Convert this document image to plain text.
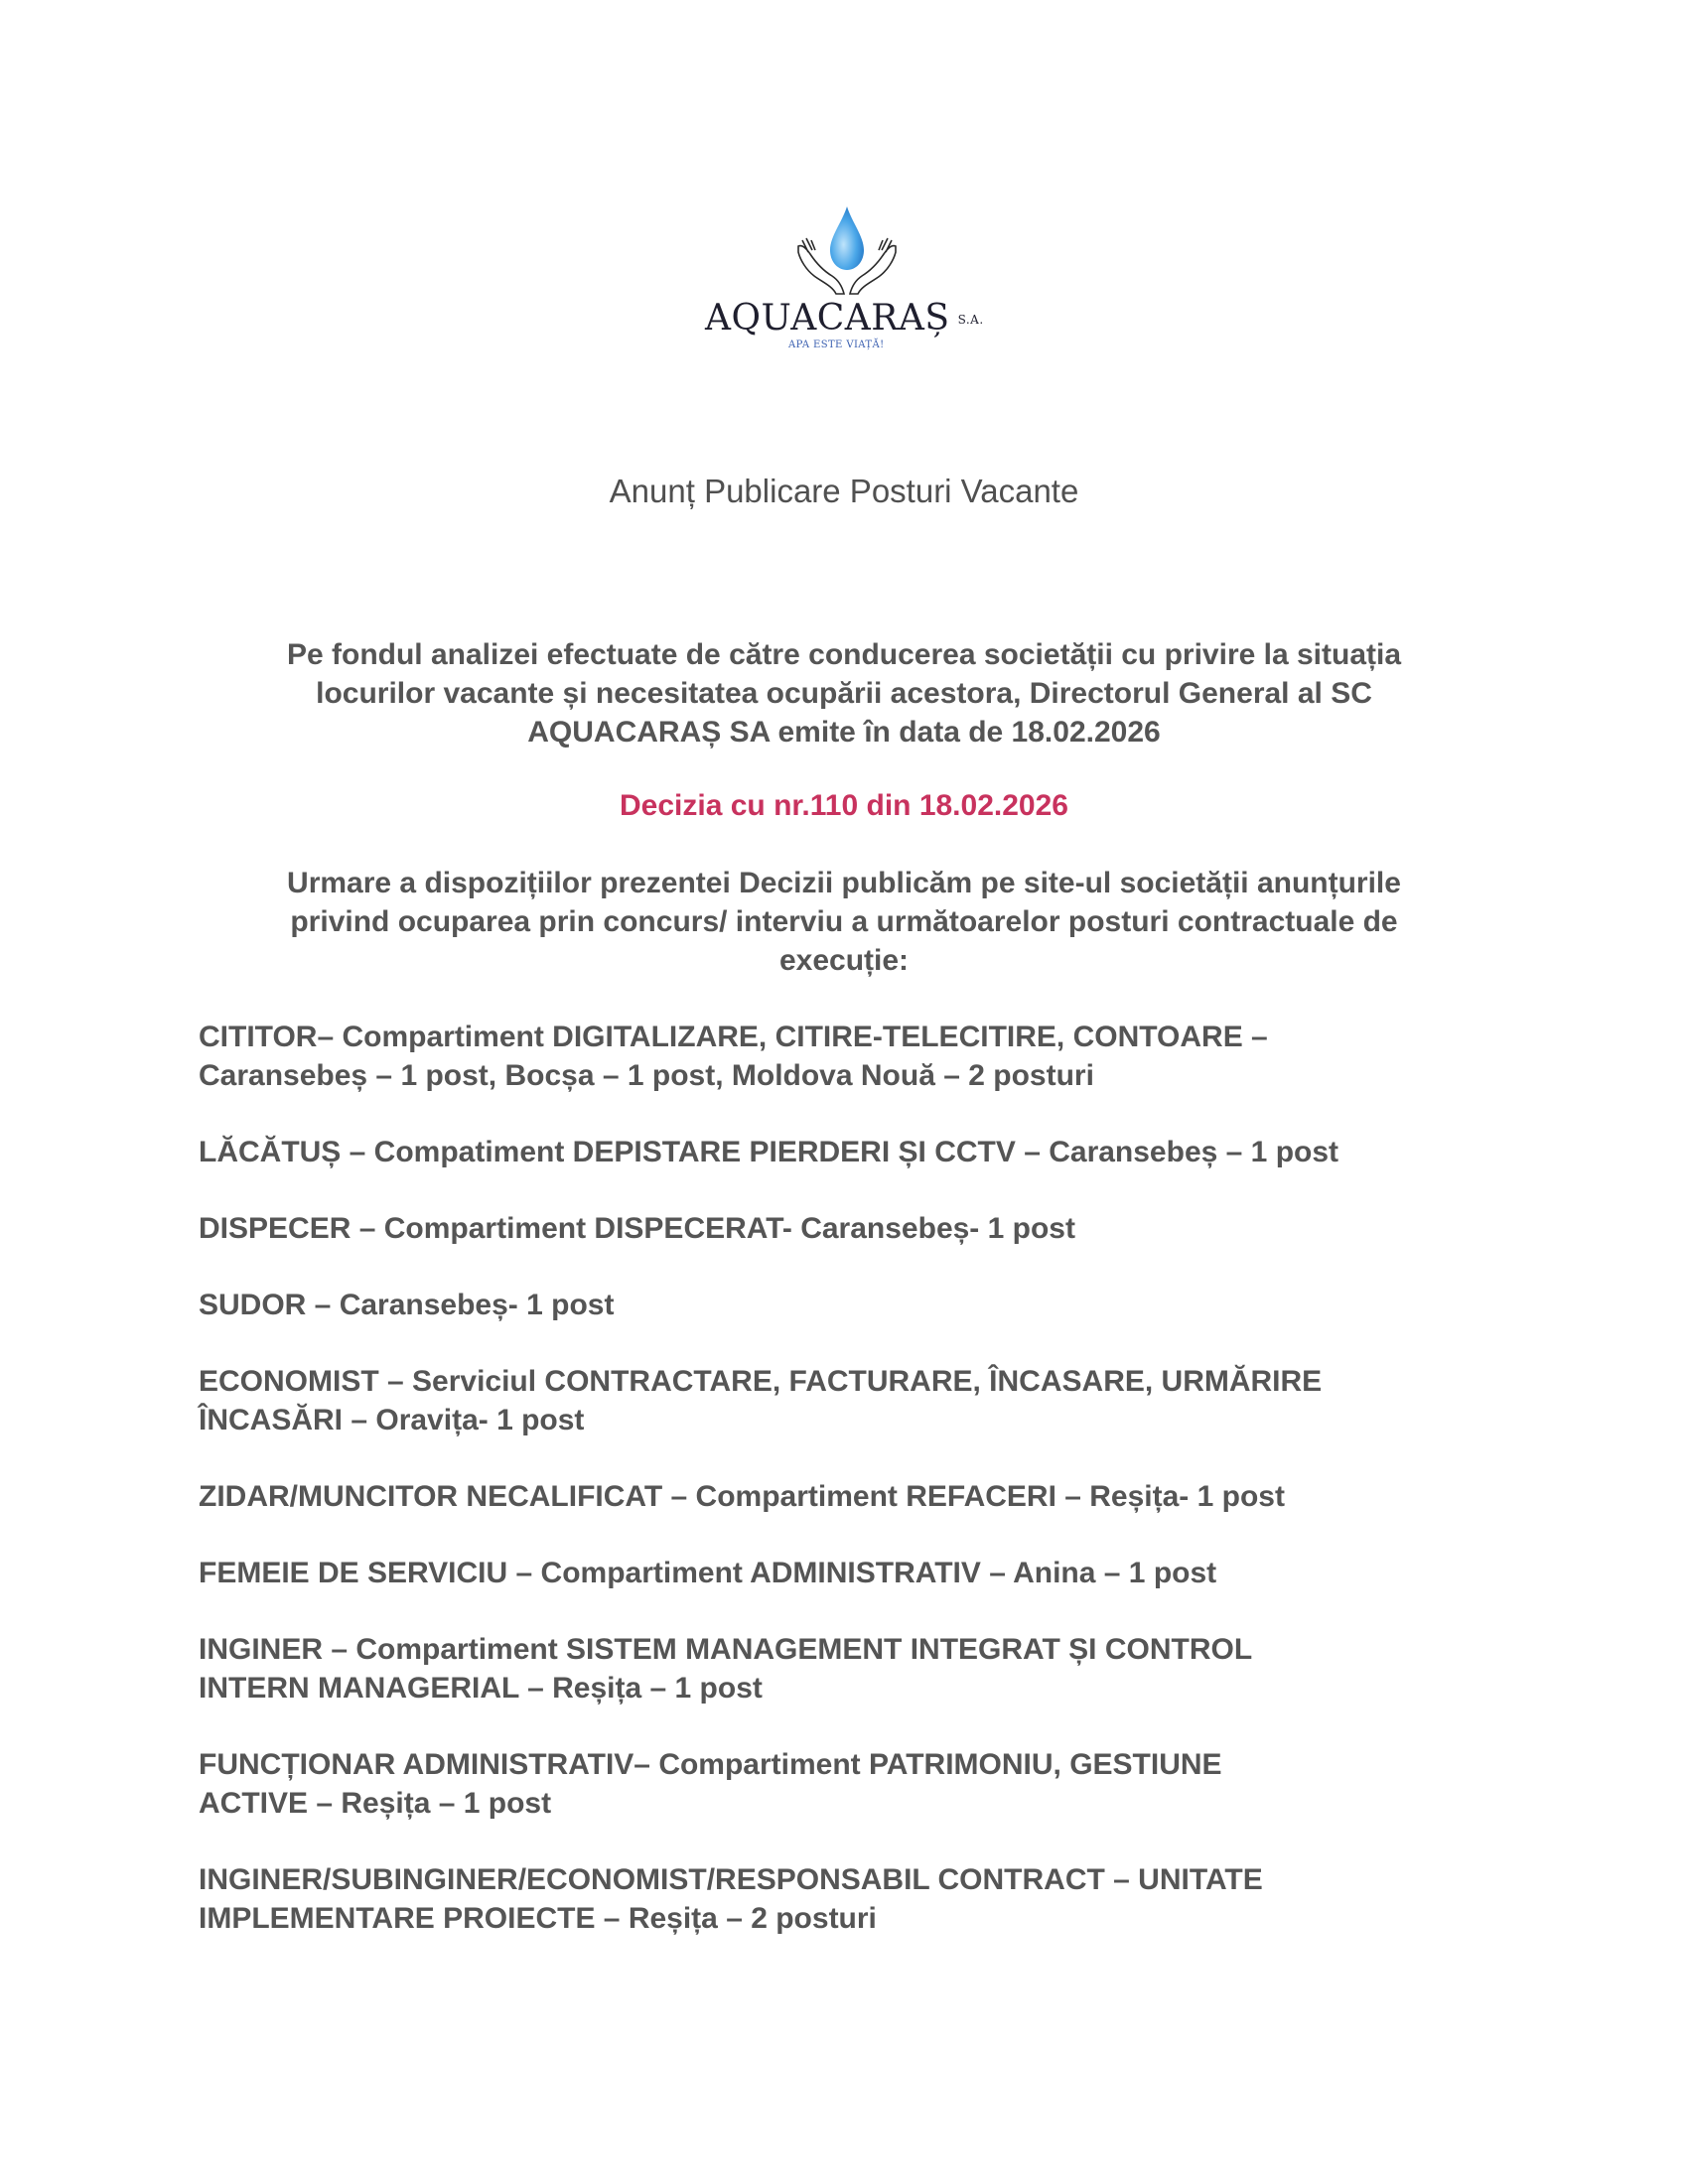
AQUACARAȘ S.A.
APA ESTE VIAȚĂ!
Anunț Publicare Posturi Vacante
Pe fondul analizei efectuate de către conducerea societății cu privire la situația
locurilor vacante și necesitatea ocupării acestora, Directorul General al SC
AQUACARAȘ SA emite în data de 18.02.2026
Decizia cu nr.110 din 18.02.2026
Urmare a dispozițiilor prezentei Decizii publicăm pe site-ul societății anunțurile
privind ocuparea prin concurs/ interviu a următoarelor posturi contractuale de
execuție:
CITITOR– Compartiment DIGITALIZARE, CITIRE-TELECITIRE, CONTOARE –
Caransebeș – 1 post, Bocșa – 1 post, Moldova Nouă – 2 posturi
LĂCĂTUȘ – Compatiment DEPISTARE PIERDERI ȘI CCTV – Caransebeș – 1 post
DISPECER – Compartiment DISPECERAT- Caransebeș- 1 post
SUDOR – Caransebeș- 1 post
ECONOMIST – Serviciul CONTRACTARE, FACTURARE, ÎNCASARE, URMĂRIRE
ÎNCASĂRI – Oravița- 1 post
ZIDAR/MUNCITOR NECALIFICAT – Compartiment REFACERI – Reșița- 1 post
FEMEIE DE SERVICIU – Compartiment ADMINISTRATIV – Anina – 1 post
INGINER – Compartiment SISTEM MANAGEMENT INTEGRAT ȘI CONTROL
INTERN MANAGERIAL – Reșița – 1 post
FUNCȚIONAR ADMINISTRATIV– Compartiment PATRIMONIU, GESTIUNE
ACTIVE – Reșița – 1 post
INGINER/SUBINGINER/ECONOMIST/RESPONSABIL CONTRACT – UNITATE
IMPLEMENTARE PROIECTE – Reșița – 2 posturi
